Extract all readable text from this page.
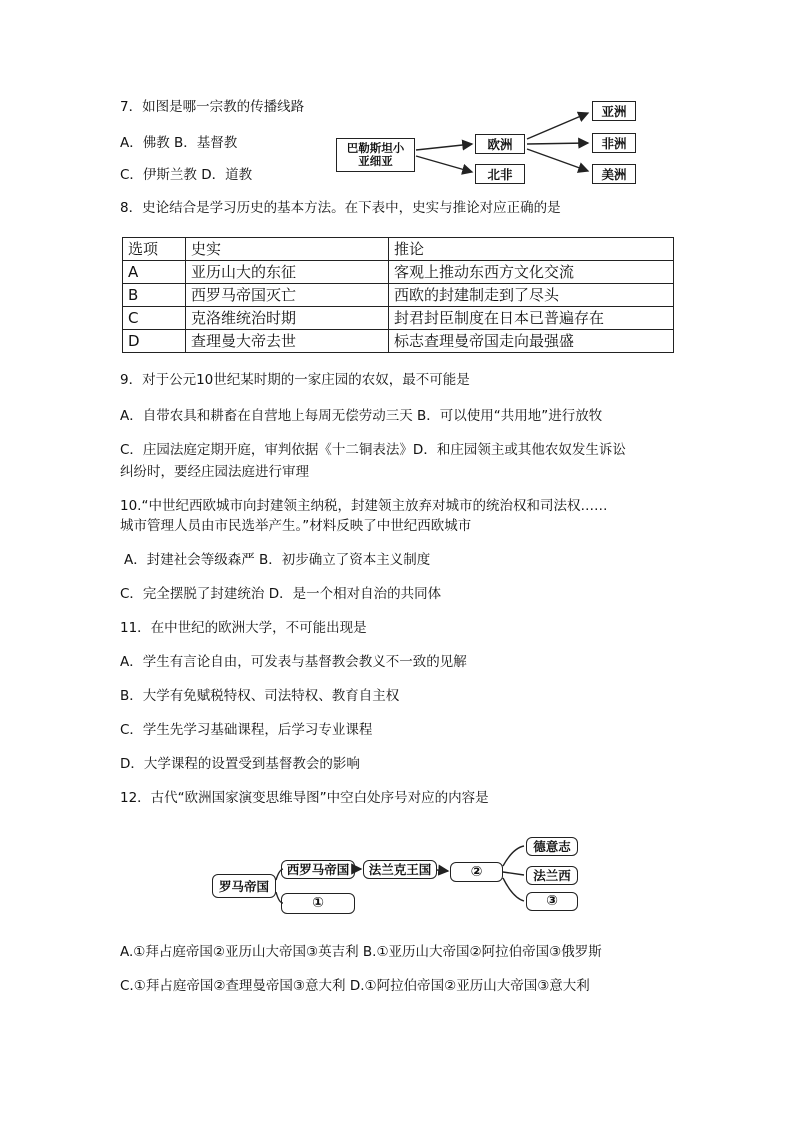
7．如图是哪一宗教的传播线路
A．佛教 B．基督教
C．伊斯兰教 D．道教
巴勒斯坦小亚细亚
欧洲
北非
亚洲
非洲
美洲
8．史论结合是学习历史的基本方法。在下表中，史实与推论对应正确的是
选项	史实	推论
A	亚历山大的东征	客观上推动东西方文化交流
B	西罗马帝国灭亡	西欧的封建制走到了尽头
C	克洛维统治时期	封君封臣制度在日本已普遍存在
D	查理曼大帝去世	标志查理曼帝国走向最强盛
9．对于公元10世纪某时期的一家庄园的农奴，最不可能是
A．自带农具和耕畜在自营地上每周无偿劳动三天 B．可以使用“共用地”进行放牧
C．庄园法庭定期开庭，审判依据《十二铜表法》D．和庄园领主或其他农奴发生诉讼
纠纷时，要经庄园法庭进行审理
10.“中世纪西欧城市向封建领主纳税，封建领主放弃对城市的统治权和司法权……
城市管理人员由市民选举产生。”材料反映了中世纪西欧城市
A．封建社会等级森严 B．初步确立了资本主义制度
C．完全摆脱了封建统治 D．是一个相对自治的共同体
11．在中世纪的欧洲大学，不可能出现是
A．学生有言论自由，可发表与基督教会教义不一致的见解
B．大学有免赋税特权、司法特权、教育自主权
C．学生先学习基础课程，后学习专业课程
D．大学课程的设置受到基督教会的影响
12．古代“欧洲国家演变思维导图”中空白处序号对应的内容是
罗马帝国
西罗马帝国
①
法兰克王国	②
德意志
法兰西
③
A.①拜占庭帝国②亚历山大帝国③英吉利 B.①亚历山大帝国②阿拉伯帝国③俄罗斯
C.①拜占庭帝国②查理曼帝国③意大利 D.①阿拉伯帝国②亚历山大帝国③意大利
